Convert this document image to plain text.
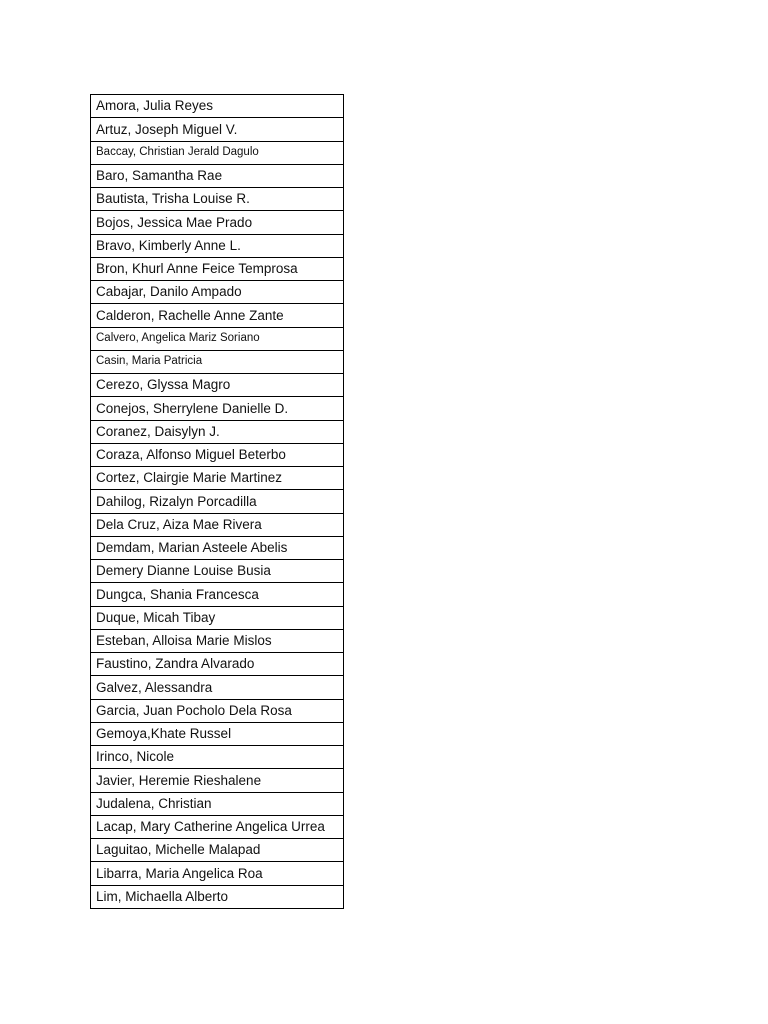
Amora, Julia Reyes
Artuz, Joseph Miguel V.
Baccay, Christian Jerald Dagulo
Baro, Samantha Rae
Bautista, Trisha Louise R.
Bojos, Jessica Mae Prado
Bravo, Kimberly Anne L.
Bron, Khurl Anne Feice Temprosa
Cabajar, Danilo Ampado
Calderon, Rachelle Anne Zante
Calvero, Angelica Mariz Soriano
Casin, Maria Patricia
Cerezo, Glyssa Magro
Conejos, Sherrylene Danielle D.
Coranez, Daisylyn J.
Coraza, Alfonso Miguel Beterbo
Cortez, Clairgie Marie Martinez
Dahilog, Rizalyn Porcadilla
Dela Cruz, Aiza Mae Rivera
Demdam, Marian Asteele Abelis
Demery Dianne Louise Busia
Dungca, Shania Francesca
Duque, Micah Tibay
Esteban, Alloisa Marie Mislos
Faustino, Zandra Alvarado
Galvez, Alessandra
Garcia, Juan Pocholo Dela Rosa
Gemoya,Khate Russel
Irinco, Nicole
Javier, Heremie Rieshalene
Judalena, Christian
Lacap, Mary Catherine Angelica Urrea
Laguitao, Michelle Malapad
Libarra, Maria Angelica Roa
Lim, Michaella Alberto
